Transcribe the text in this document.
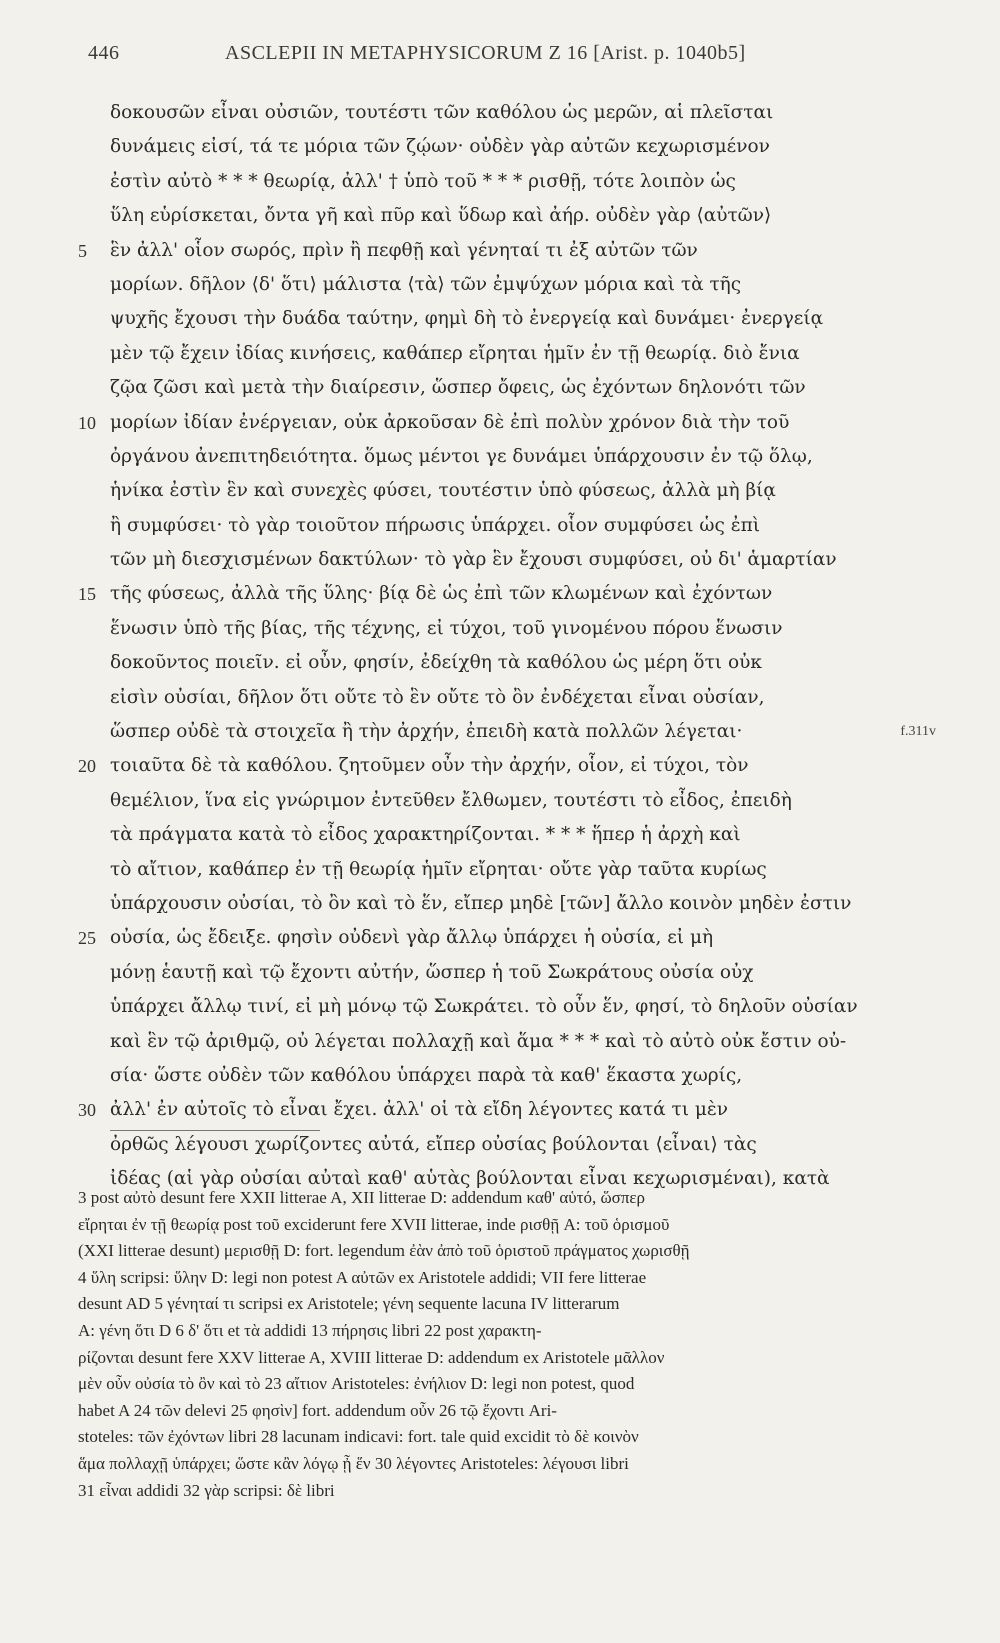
446	ASCLEPII IN METAPHYSICORUM Z 16 [Arist. p. 1040b5]
δοκουσῶν εἶναι οὐσιῶν, τουτέστι τῶν καθόλου ὡς μερῶν, αἱ πλεῖσται
δυνάμεις εἰσί, τά τε μόρια τῶν ζῴων· οὐδὲν γὰρ αὐτῶν κεχωρισμένον
ἐστὶν αὐτὸ * * * θεωρίᾳ, ἀλλ' † ὑπὸ τοῦ * * * ρισθῇ, τότε λοιπὸν ὡς
ὕλη εὑρίσκεται, ὄντα γῆ καὶ πῦρ καὶ ὕδωρ καὶ ἀήρ. οὐδὲν γὰρ ⟨αὐτῶν⟩
5	ἓν ἀλλ' οἷον σωρός, πρὶν ἢ πεφθῇ καὶ γένηταί τι ἐξ αὐτῶν τῶν
μορίων. δῆλον ⟨δ' ὅτι⟩ μάλιστα ⟨τὰ⟩ τῶν ἐμψύχων μόρια καὶ τὰ τῆς
ψυχῆς ἔχουσι τὴν δυάδα ταύτην, φημὶ δὴ τὸ ἐνεργείᾳ καὶ δυνάμει· ἐνεργείᾳ
μὲν τῷ ἔχειν ἰδίας κινήσεις, καθάπερ εἴρηται ἡμῖν ἐν τῇ θεωρίᾳ. διὸ ἔνια
ζῷα ζῶσι καὶ μετὰ τὴν διαίρεσιν, ὥσπερ ὄφεις, ὡς ἐχόντων δηλονότι τῶν
10 μορίων ἰδίαν ἐνέργειαν, οὐκ ἀρκοῦσαν δὲ ἐπὶ πολὺν χρόνον διὰ τὴν τοῦ
ὀργάνου ἀνεπιτηδειότητα. ὅμως μέντοι γε δυνάμει ὑπάρχουσιν ἐν τῷ ὅλῳ,
ἡνίκα ἐστὶν ἓν καὶ συνεχὲς φύσει, τουτέστιν ὑπὸ φύσεως, ἀλλὰ μὴ βίᾳ
ἢ συμφύσει· τὸ γὰρ τοιοῦτον πήρωσις ὑπάρχει. οἷον συμφύσει ὡς ἐπὶ
τῶν μὴ διεσχισμένων δακτύλων· τὸ γὰρ ἓν ἔχουσι συμφύσει, οὐ δι' ἁμαρτίαν
15 τῆς φύσεως, ἀλλὰ τῆς ὕλης· βίᾳ δὲ ὡς ἐπὶ τῶν κλωμένων καὶ ἐχόντων
ἕνωσιν ὑπὸ τῆς βίας, τῆς τέχνης, εἰ τύχοι, τοῦ γινομένου πόρου ἕνωσιν
δοκοῦντος ποιεῖν. εἰ οὖν, φησίν, ἐδείχθη τὰ καθόλου ὡς μέρη ὅτι οὐκ
εἰσὶν οὐσίαι, δῆλον ὅτι οὔτε τὸ ἓν οὔτε τὸ ὂν ἐνδέχεται εἶναι οὐσίαν,
ὥσπερ οὐδὲ τὰ στοιχεῖα ἢ τὴν ἀρχήν, ἐπειδὴ κατὰ πολλῶν λέγεται·	f.311v
20 τοιαῦτα δὲ τὰ καθόλου. ζητοῦμεν οὖν τὴν ἀρχήν, οἷον, εἰ τύχοι, τὸν
θεμέλιον, ἵνα εἰς γνώριμον ἐντεῦθεν ἔλθωμεν, τουτέστι τὸ εἶδος, ἐπειδὴ
τὰ πράγματα κατὰ τὸ εἶδος χαρακτηρίζονται. * * * ἥπερ ἡ ἀρχὴ καὶ
τὸ αἴτιον, καθάπερ ἐν τῇ θεωρίᾳ ἡμῖν εἴρηται· οὔτε γὰρ ταῦτα κυρίως
ὑπάρχουσιν οὐσίαι, τὸ ὂν καὶ τὸ ἕν, εἴπερ μηδὲ [τῶν] ἄλλο κοινὸν μηδὲν ἐστιν
25 οὐσία, ὡς ἔδειξε. φησὶν οὐδενὶ γὰρ ἄλλῳ ὑπάρχει ἡ οὐσία, εἰ μὴ
μόνῃ ἑαυτῇ καὶ τῷ ἔχοντι αὐτήν, ὥσπερ ἡ τοῦ Σωκράτους οὐσία οὐχ
ὑπάρχει ἄλλῳ τινί, εἰ μὴ μόνῳ τῷ Σωκράτει. τὸ οὖν ἕν, φησί, τὸ δηλοῦν οὐσίαν
καὶ ἓν τῷ ἀριθμῷ, οὐ λέγεται πολλαχῇ καὶ ἅμα * * * καὶ τὸ αὐτὸ οὐκ ἔστιν οὐ-
σία· ὥστε οὐδὲν τῶν καθόλου ὑπάρχει παρὰ τὰ καθ' ἕκαστα χωρίς,
30 ἀλλ' ἐν αὐτοῖς τὸ εἶναι ἔχει. ἀλλ' οἱ τὰ εἴδη λέγοντες κατά τι μὲν
ὀρθῶς λέγουσι χωρίζοντες αὐτά, εἴπερ οὐσίας βούλονται ⟨εἶναι⟩ τὰς
ἰδέας (αἱ γὰρ οὐσίαι αὐταὶ καθ' αὑτὰς βούλονται εἶναι κεχωρισμέναι), κατὰ
3 post αὐτὸ desunt fere XXII litterae A, XII litterae D: addendum καθ' αὑτό, ὥσπερ
εἴρηται ἐν τῇ θεωρίᾳ post τοῦ exciderunt fere XVII litterae, inde ρισθῇ A: τοῦ ὁρισμοῦ
(XXI litterae desunt) μερισθῇ D: fort. legendum ἐὰν ἀπὸ τοῦ ὁριστοῦ πράγματος χωρισθῇ
4 ὕλη scripsi: ὕλην D: legi non potest A αὐτῶν ex Aristotele addidi; VII fere litterae
desunt AD 5 γένηταί τι scripsi ex Aristotele; γένη sequente lacuna IV litterarum
A: γένη ὅτι D 6 δ' ὅτι et τὰ addidi 13 πήρησις libri 22 post χαρακτη-
ρίζονται desunt fere XXV litterae A, XVIII litterae D: addendum ex Aristotele μᾶλλον
μὲν οὖν οὐσία τὸ ὂν καὶ τὸ 23 αἴτιον Aristoteles: ἐνήλιον D: legi non potest, quod
habet A 24 τῶν delevi 25 φησὶν] fort. addendum οὖν 26 τῷ ἔχοντι Ari-
stoteles: τῶν ἐχόντων libri 28 lacunam indicavi: fort. tale quid excidit τὸ δὲ κοινὸν
ἅμα πολλαχῇ ὑπάρχει; ὥστε κἂν λόγῳ ᾖ ἕν 30 λέγοντες Aristoteles: λέγουσι libri
31 εἶναι addidi 32 γὰρ scripsi: δὲ libri
